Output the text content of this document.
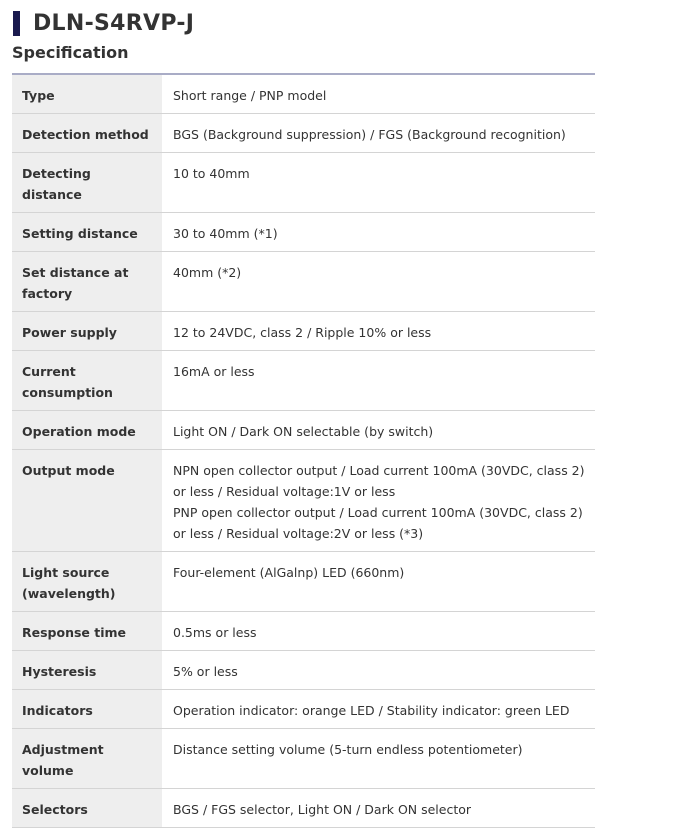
DLN-S4RVP-J
Specification
Type	Short range / PNP model

Detection method	BGS (Background suppression) / FGS (Background recognition)

Detecting distance	10 to 40mm

Setting distance	30 to 40mm (*1)

Set distance at factory	40mm (*2)

Power supply	12 to 24VDC, class 2 / Ripple 10% or less

Current consumption	16mA or less

Operation mode	Light ON / Dark ON selectable (by switch)

Output mode	NPN open collector output / Load current 100mA (30VDC, class 2) or less / Residual voltage:1V or less
PNP open collector output / Load current 100mA (30VDC, class 2) or less / Residual voltage:2V or less (*3)

Light source (wavelength)	Four-element (AlGalnp) LED (660nm)

Response time	0.5ms or less

Hysteresis	5% or less

Indicators	Operation indicator: orange LED / Stability indicator: green LED

Adjustment volume	Distance setting volume (5-turn endless potentiometer)

Selectors	BGS / FGS selector, Light ON / Dark ON selector
